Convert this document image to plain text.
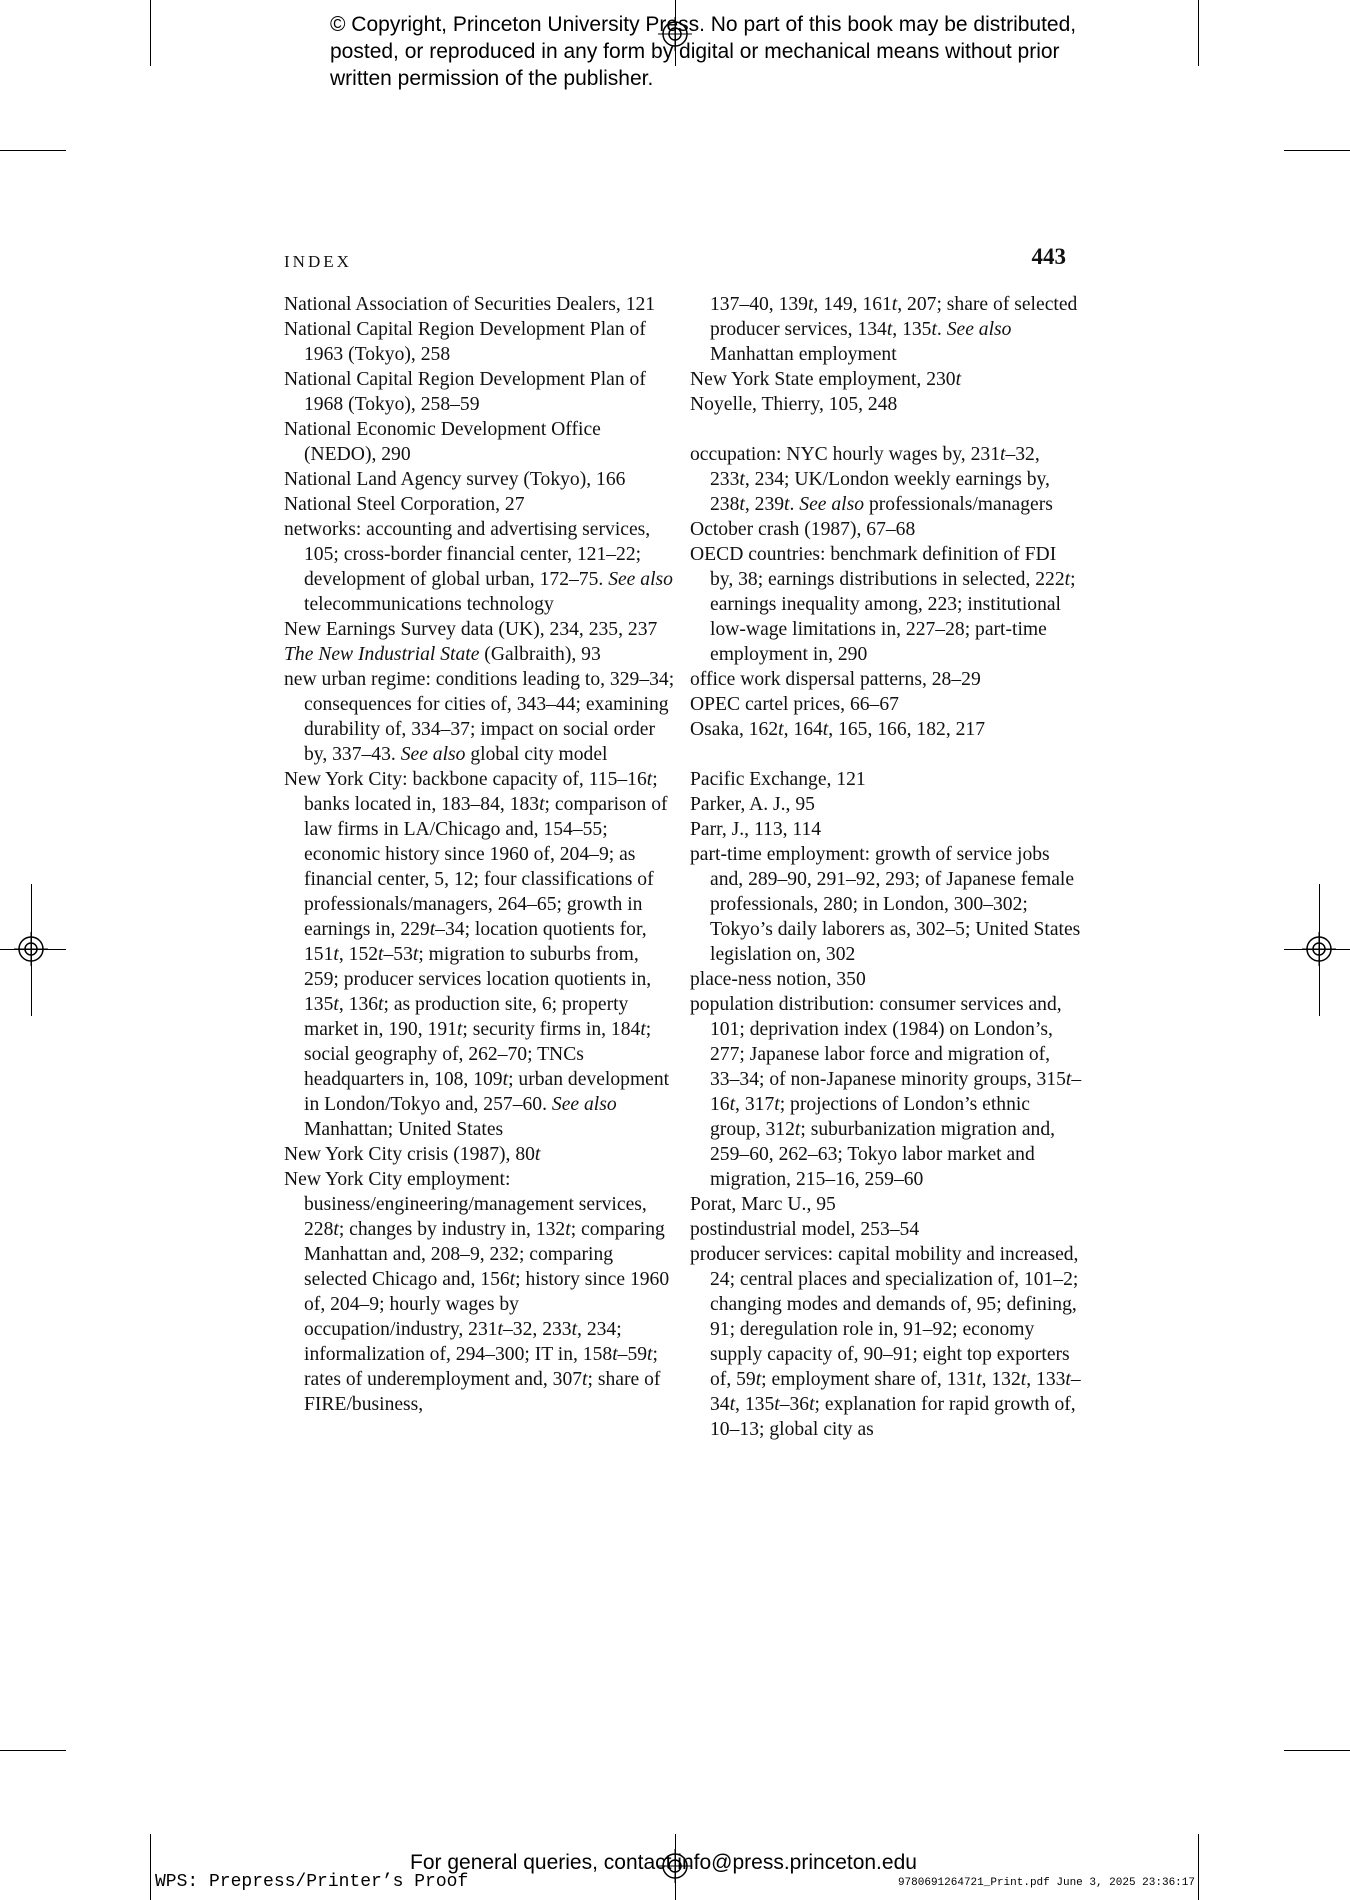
© Copyright, Princeton University Press. No part of this book may be distributed, posted, or reproduced in any form by digital or mechanical means without prior written permission of the publisher.
INDEX	443

National Association of Securities Dealers, 121

National Capital Region Development Plan of 1963 (Tokyo), 258

National Capital Region Development Plan of 1968 (Tokyo), 258–59

National Economic Development Office (NEDO), 290

National Land Agency survey (Tokyo), 166

National Steel Corporation, 27

networks: accounting and advertising services, 105; cross-border financial center, 121–22; development of global urban, 172–75. See also telecommunications technology

New Earnings Survey data (UK), 234, 235, 237

The New Industrial State (Galbraith), 93

new urban regime: conditions leading to, 329–34; consequences for cities of, 343–44; examining durability of, 334–37; impact on social order by, 337–43. See also global city model

New York City: backbone capacity of, 115–16t; banks located in, 183–84, 183t; comparison of law firms in LA/Chicago and, 154–55; economic history since 1960 of, 204–9; as financial center, 5, 12; four classifications of professionals/managers, 264–65; growth in earnings in, 229t–34; location quotients for, 151t, 152t–53t; migration to suburbs from, 259; producer services location quotients in, 135t, 136t; as production site, 6; property market in, 190, 191t; security firms in, 184t; social geography of, 262–70; TNCs headquarters in, 108, 109t; urban development in London/Tokyo and, 257–60. See also Manhattan; United States

New York City crisis (1987), 80t

New York City employment: business/engineering/management services, 228t; changes by industry in, 132t; comparing Manhattan and, 208–9, 232; comparing selected Chicago and, 156t; history since 1960 of, 204–9; hourly wages by occupation/industry, 231t–32, 233t, 234; informalization of, 294–300; IT in, 158t–59t; rates of underemployment and, 307t; share of FIRE/business,

137–40, 139t, 149, 161t, 207; share of selected producer services, 134t, 135t. See also Manhattan employment

New York State employment, 230t

Noyelle, Thierry, 105, 248

occupation: NYC hourly wages by, 231t–32, 233t, 234; UK/London weekly earnings by, 238t, 239t. See also professionals/managers

October crash (1987), 67–68

OECD countries: benchmark definition of FDI by, 38; earnings distributions in selected, 222t; earnings inequality among, 223; institutional low-wage limitations in, 227–28; part-time employment in, 290

office work dispersal patterns, 28–29

OPEC cartel prices, 66–67

Osaka, 162t, 164t, 165, 166, 182, 217

Pacific Exchange, 121

Parker, A. J., 95

Parr, J., 113, 114

part-time employment: growth of service jobs and, 289–90, 291–92, 293; of Japanese female professionals, 280; in London, 300–302; Tokyo’s daily laborers as, 302–5; United States legislation on, 302

place-ness notion, 350

population distribution: consumer services and, 101; deprivation index (1984) on London’s, 277; Japanese labor force and migration of, 33–34; of non-Japanese minority groups, 315t–16t, 317t; projections of London’s ethnic group, 312t; suburbanization migration and, 259–60, 262–63; Tokyo labor market and migration, 215–16, 259–60

Porat, Marc U., 95

postindustrial model, 253–54

producer services: capital mobility and increased, 24; central places and specialization of, 101–2; changing modes and demands of, 95; defining, 91; deregulation role in, 91–92; economy supply capacity of, 90–91; eight top exporters of, 59t; employment share of, 131t, 132t, 133t–34t, 135t–36t; explanation for rapid growth of, 10–13; global city as

For general queries, contact info@press.princeton.edu
WPS: Prepress/Printer’s Proof	9780691264721_Print.pdf June 3, 2025 23:36:17
